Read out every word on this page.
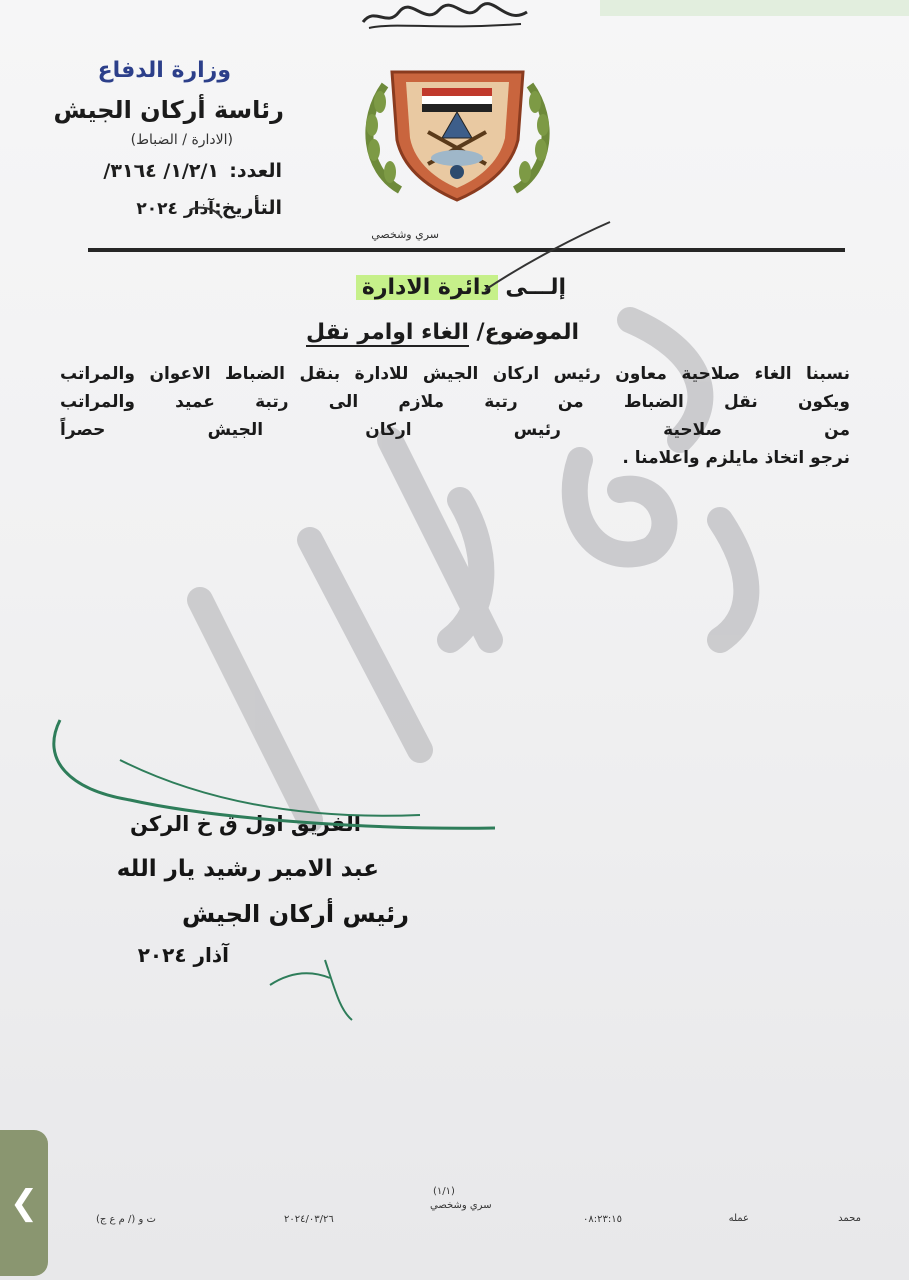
وزارة الدفاع
رئاسة أركان الجيش
(الادارة / الضباط)
العدد:
/١/٢/١/ ٣١٦٤
التأريخ:
آذار ٢٠٢٤
سري وشخصي
إلـــى دائرة الادارة
الموضوع/ الغاء اوامر نقل

نسبنا الغاء صلاحية معاون رئيس اركان الجيش للادارة بنقل الضباط الاعوان والمراتب

ويكون نقل الضباط من رتبة ملازم الى رتبة عميد والمراتب

من صلاحية رئيس اركان الجيش حصراً

نرجو اتخاذ مايلزم واعلامنا .

الفريق اول ق خ الركن
عبد الامير رشيد يار الله
رئيس أركان الجيش
آذار ٢٠٢٤
(١/١)
سري وشخصي
محمد
عمله
٠٨:٢٣:١٥
٢٠٢٤/٠٣/٢٦
ت و (/ م ع ج)
❮
